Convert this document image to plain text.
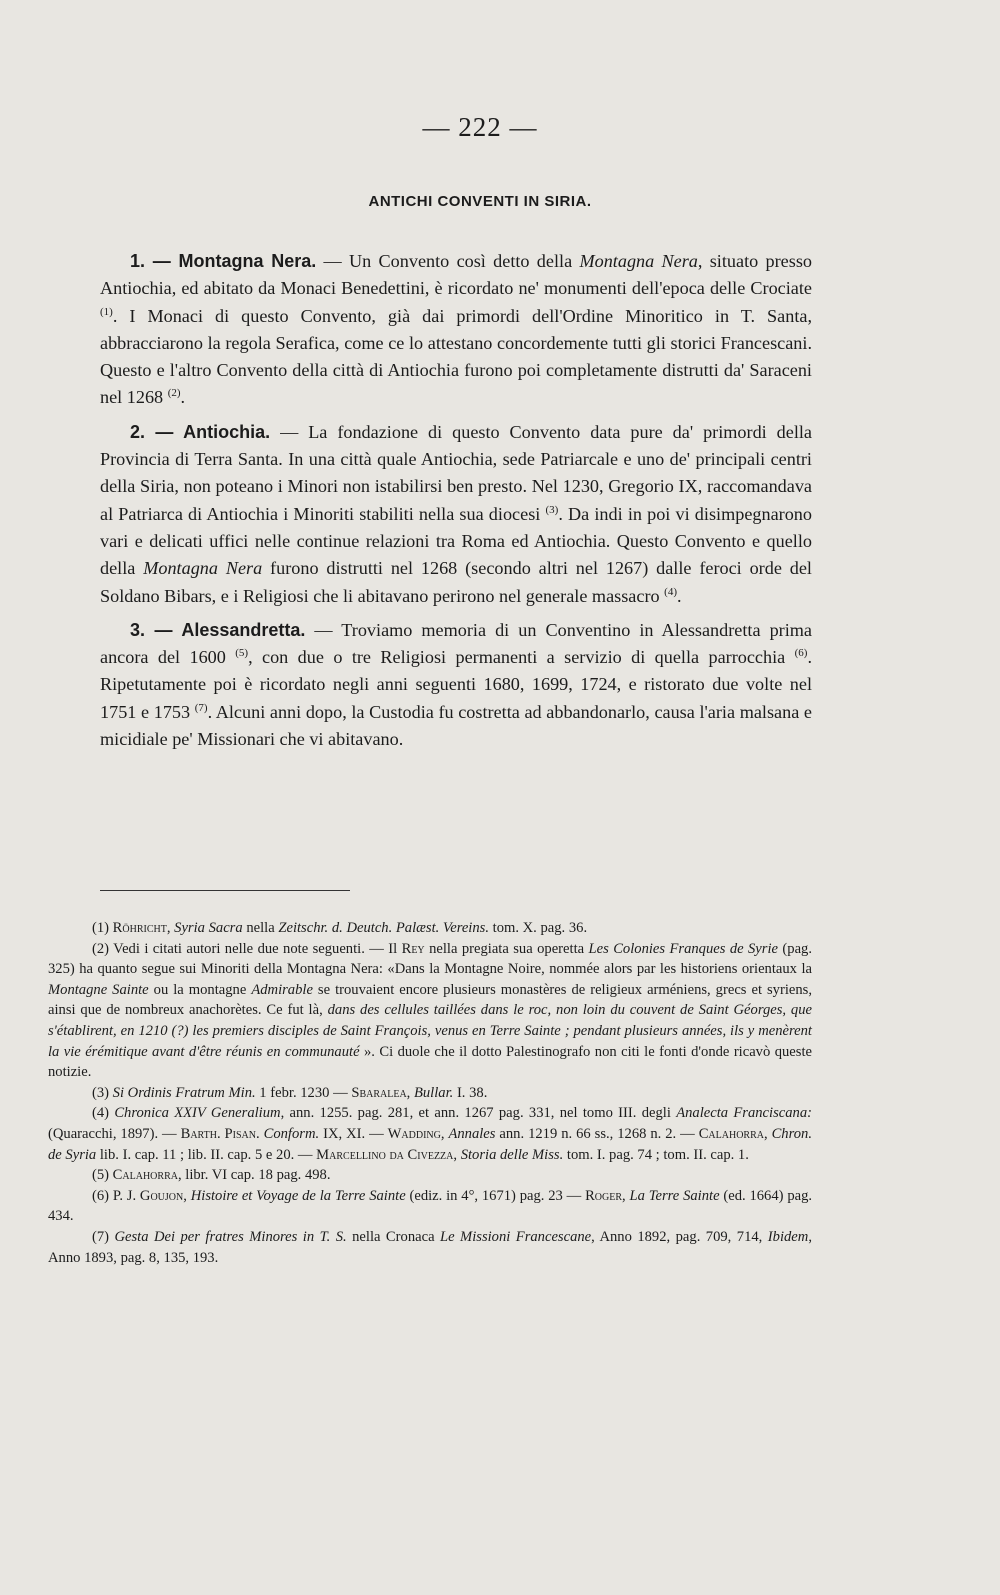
— 222 —
ANTICHI CONVENTI IN SIRIA.

1. — Montagna Nera. — Un Convento così detto della Montagna Nera, situato presso Antiochia, ed abitato da Monaci Benedettini, è ricordato ne' monumenti dell'epoca delle Crociate $^{(1)}$. I Monaci di questo Convento, già dai primordi dell'Ordine Minoritico in T. Santa, abbracciarono la regola Serafica, come ce lo attestano concordemente tutti gli storici Francescani. Questo e l'altro Convento della città di Antiochia furono poi completamente distrutti da' Saraceni nel 1268 $^{(2)}$.

2. — Antiochia. — La fondazione di questo Convento data pure da' primordi della Provincia di Terra Santa. In una città quale Antiochia, sede Patriarcale e uno de' principali centri della Siria, non poteano i Minori non istabilirsi ben presto. Nel 1230, Gregorio IX, raccomandava al Patriarca di Antiochia i Minoriti stabiliti nella sua diocesi $^{(3)}$. Da indi in poi vi disimpegnarono vari e delicati uffici nelle continue relazioni tra Roma ed Antiochia. Questo Convento e quello della Montagna Nera furono distrutti nel 1268 (secondo altri nel 1267) dalle feroci orde del Soldano Bibars, e i Religiosi che li abitavano perirono nel generale massacro $^{(4)}$.

3. — Alessandretta. — Troviamo memoria di un Conventino in Alessandretta prima ancora del 1600 $^{(5)}$, con due o tre Religiosi permanenti a servizio di quella parrocchia $^{(6)}$. Ripetutamente poi è ricordato negli anni seguenti 1680, 1699, 1724, e ristorato due volte nel 1751 e 1753 $^{(7)}$. Alcuni anni dopo, la Custodia fu costretta ad abbandonarlo, causa l'aria malsana e micidiale pe' Missionari che vi abitavano.

(1) Röhricht, Syria Sacra nella Zeitschr. d. Deutch. Palæst. Vereins. tom. X. pag. 36.

(2) Vedi i citati autori nelle due note seguenti. — Il Rey nella pregiata sua operetta Les Colonies Franques de Syrie (pag. 325) ha quanto segue sui Minoriti della Montagna Nera: «Dans la Montagne Noire, nommée alors par les historiens orientaux la Montagne Sainte ou la montagne Admirable se trouvaient encore plusieurs monastères de religieux arméniens, grecs et syriens, ainsi que de nombreux anachorètes. Ce fut là, dans des cellules taillées dans le roc, non loin du couvent de Saint Géorges, que s'établirent, en 1210 (?) les premiers disciples de Saint François, venus en Terre Sainte ; pendant plusieurs années, ils y menèrent la vie érémitique avant d'être réunis en communauté ». Ci duole che il dotto Palestinografo non citi le fonti d'onde ricavò queste notizie.

(3) Si Ordinis Fratrum Min. 1 febr. 1230 — Sbaralea, Bullar. I. 38.

(4) Chronica XXIV Generalium, ann. 1255. pag. 281, et ann. 1267 pag. 331, nel tomo III. degli Analecta Franciscana: (Quaracchi, 1897). — Barth. Pisan. Conform. IX, XI. — Wadding, Annales ann. 1219 n. 66 ss., 1268 n. 2. — Calahorra, Chron. de Syria lib. I. cap. 11 ; lib. II. cap. 5 e 20. — Marcellino da Civezza, Storia delle Miss. tom. I. pag. 74 ; tom. II. cap. 1.

(5) Calahorra, libr. VI cap. 18 pag. 498.

(6) P. J. Goujon, Histoire et Voyage de la Terre Sainte (ediz. in 4°, 1671) pag. 23 — Roger, La Terre Sainte (ed. 1664) pag. 434.

(7) Gesta Dei per fratres Minores in T. S. nella Cronaca Le Missioni Francescane, Anno 1892, pag. 709, 714, Ibidem, Anno 1893, pag. 8, 135, 193.
